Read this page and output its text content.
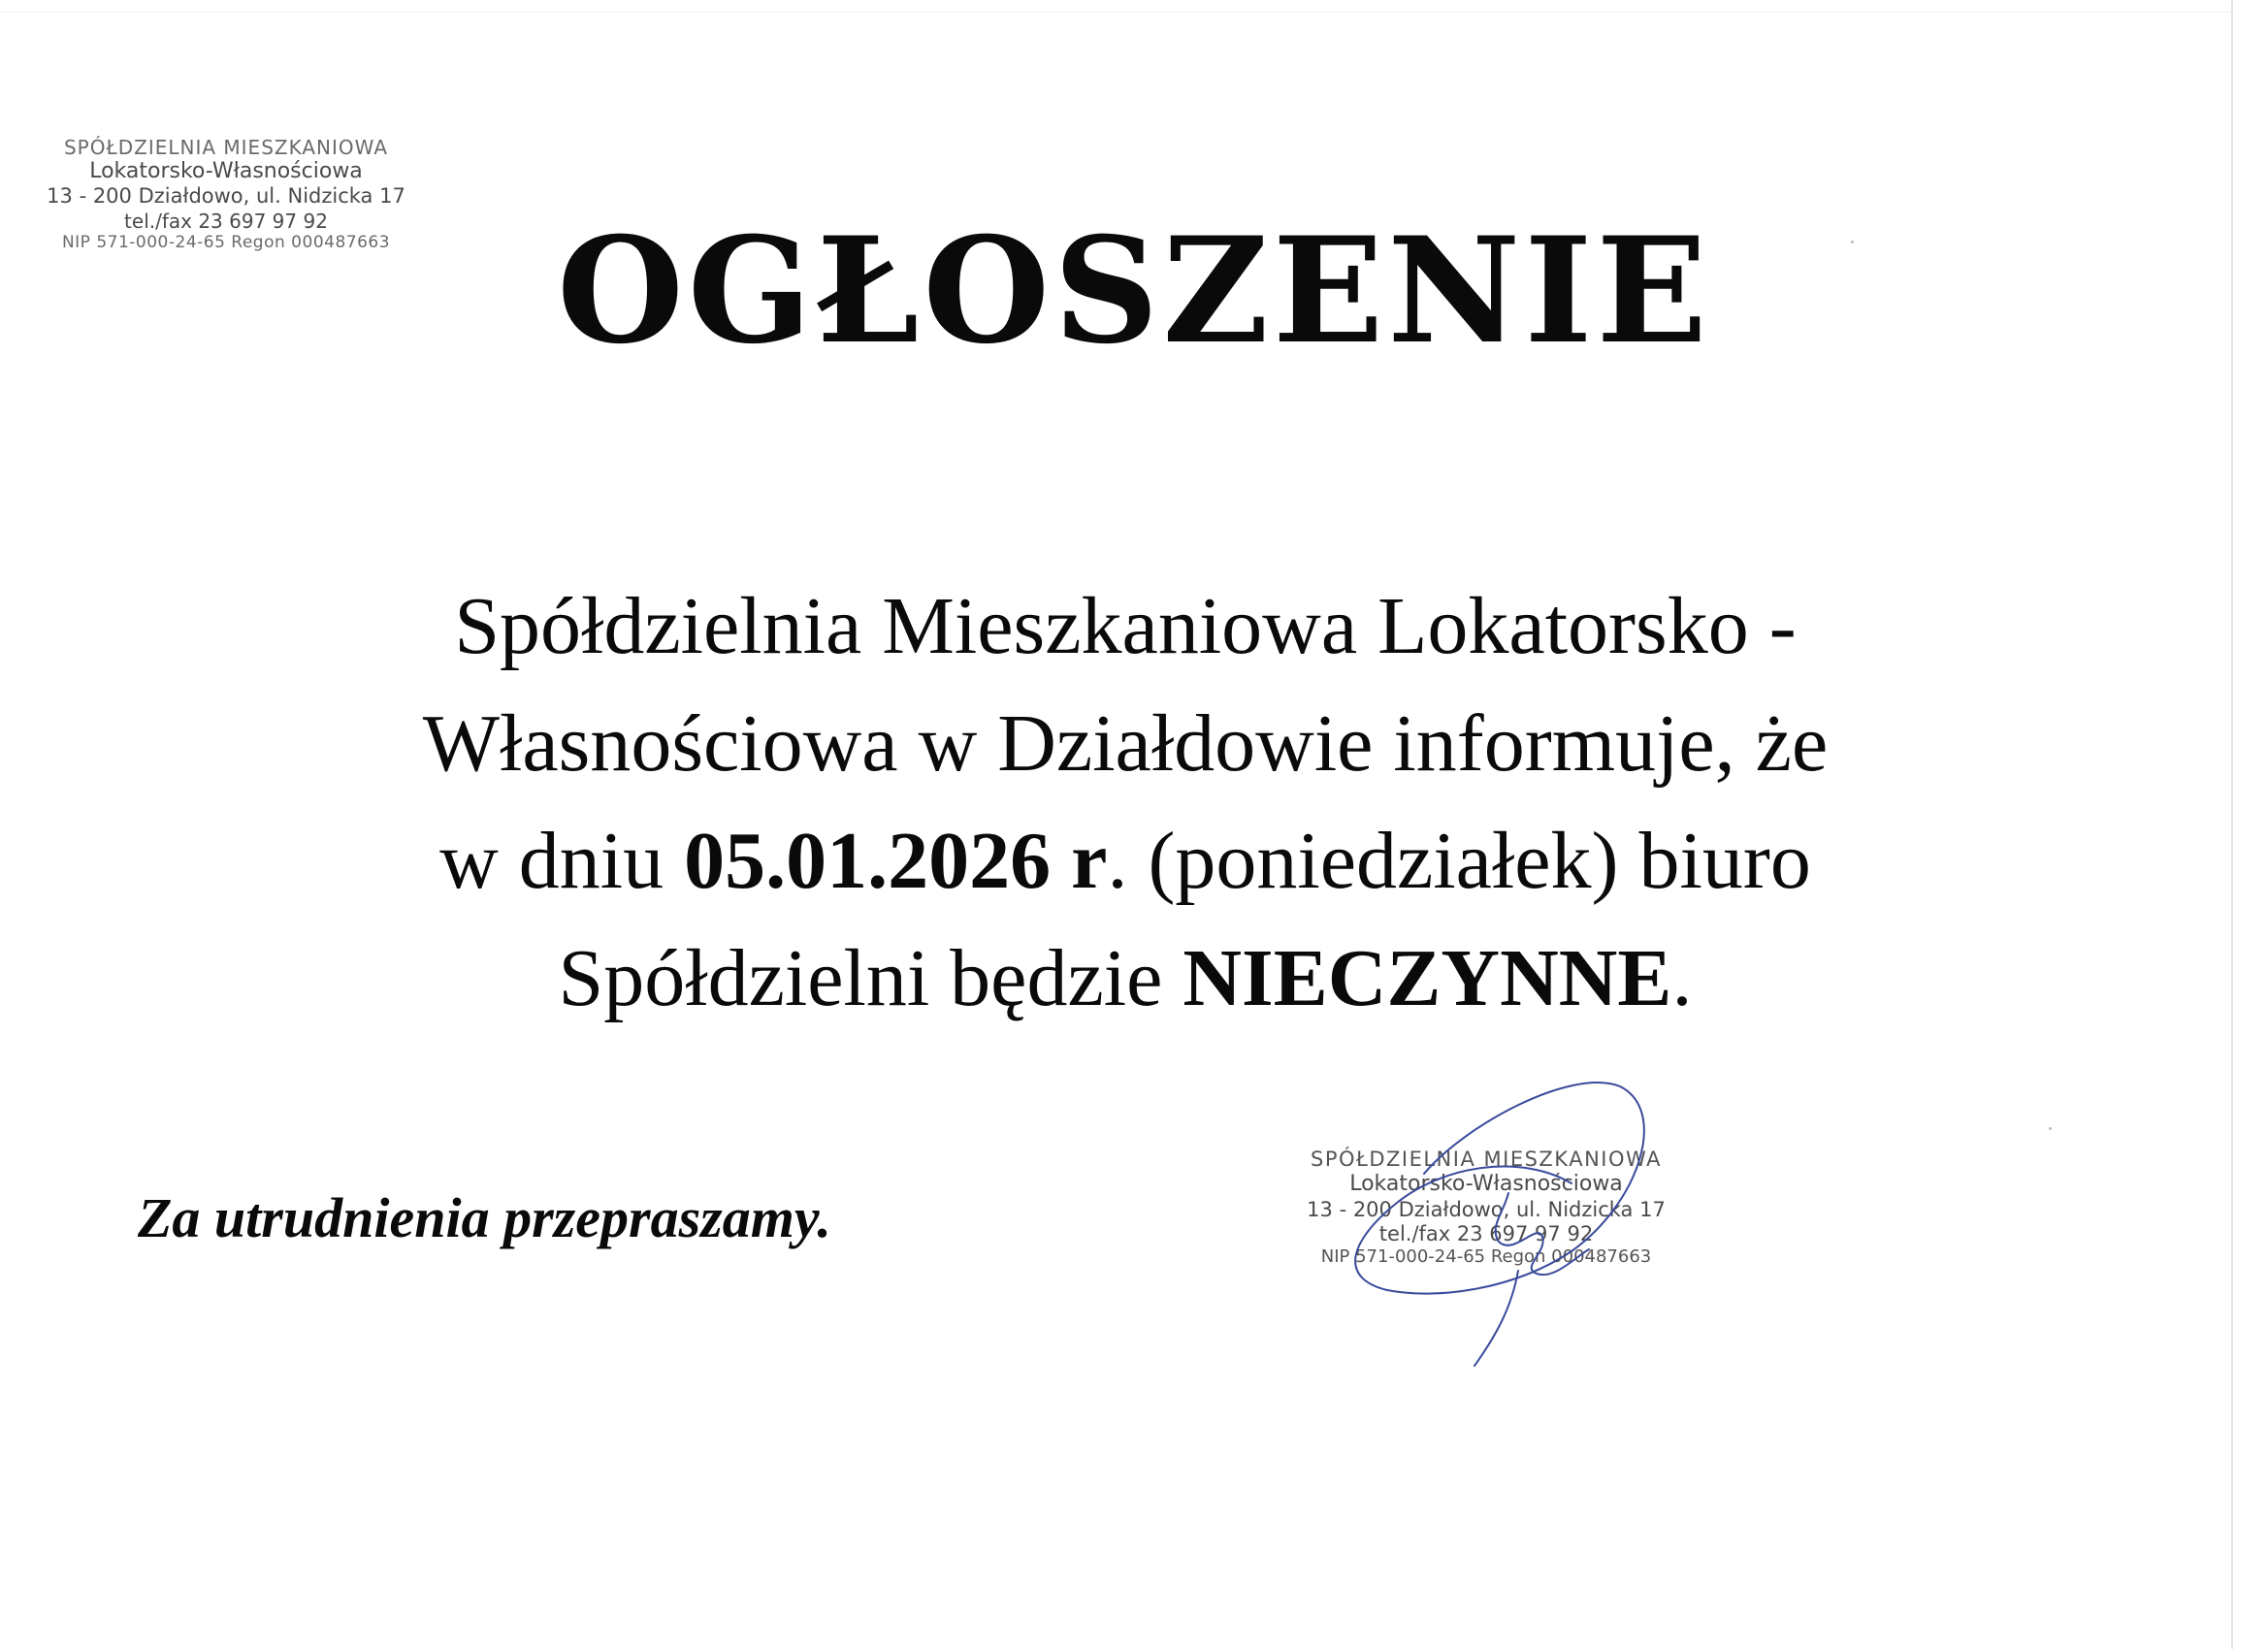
SPÓŁDZIELNIA MIESZKANIOWA
Lokatorsko-Własnościowa
13 - 200 Działdowo, ul. Nidzicka 17
tel./fax 23 697 97 92
NIP 571-000-24-65 Regon 000487663	OGŁOSZENIE

Spółdzielnia Mieszkaniowa Lokatorsko -
Własnościowa w Działdowie informuje, że
w dniu 05.01.2026 r. (poniedziałek) biuro
Spółdzielni będzie NIECZYNNE.

Za utrudnienia przepraszamy.

SPÓŁDZIELNIA MIESZKANIOWA
Lokatorsko-Własnościowa
13 - 200 Działdowo, ul. Nidzicka 17
tel./fax 23 697 97 92
NIP 571-000-24-65 Regon 000487663
